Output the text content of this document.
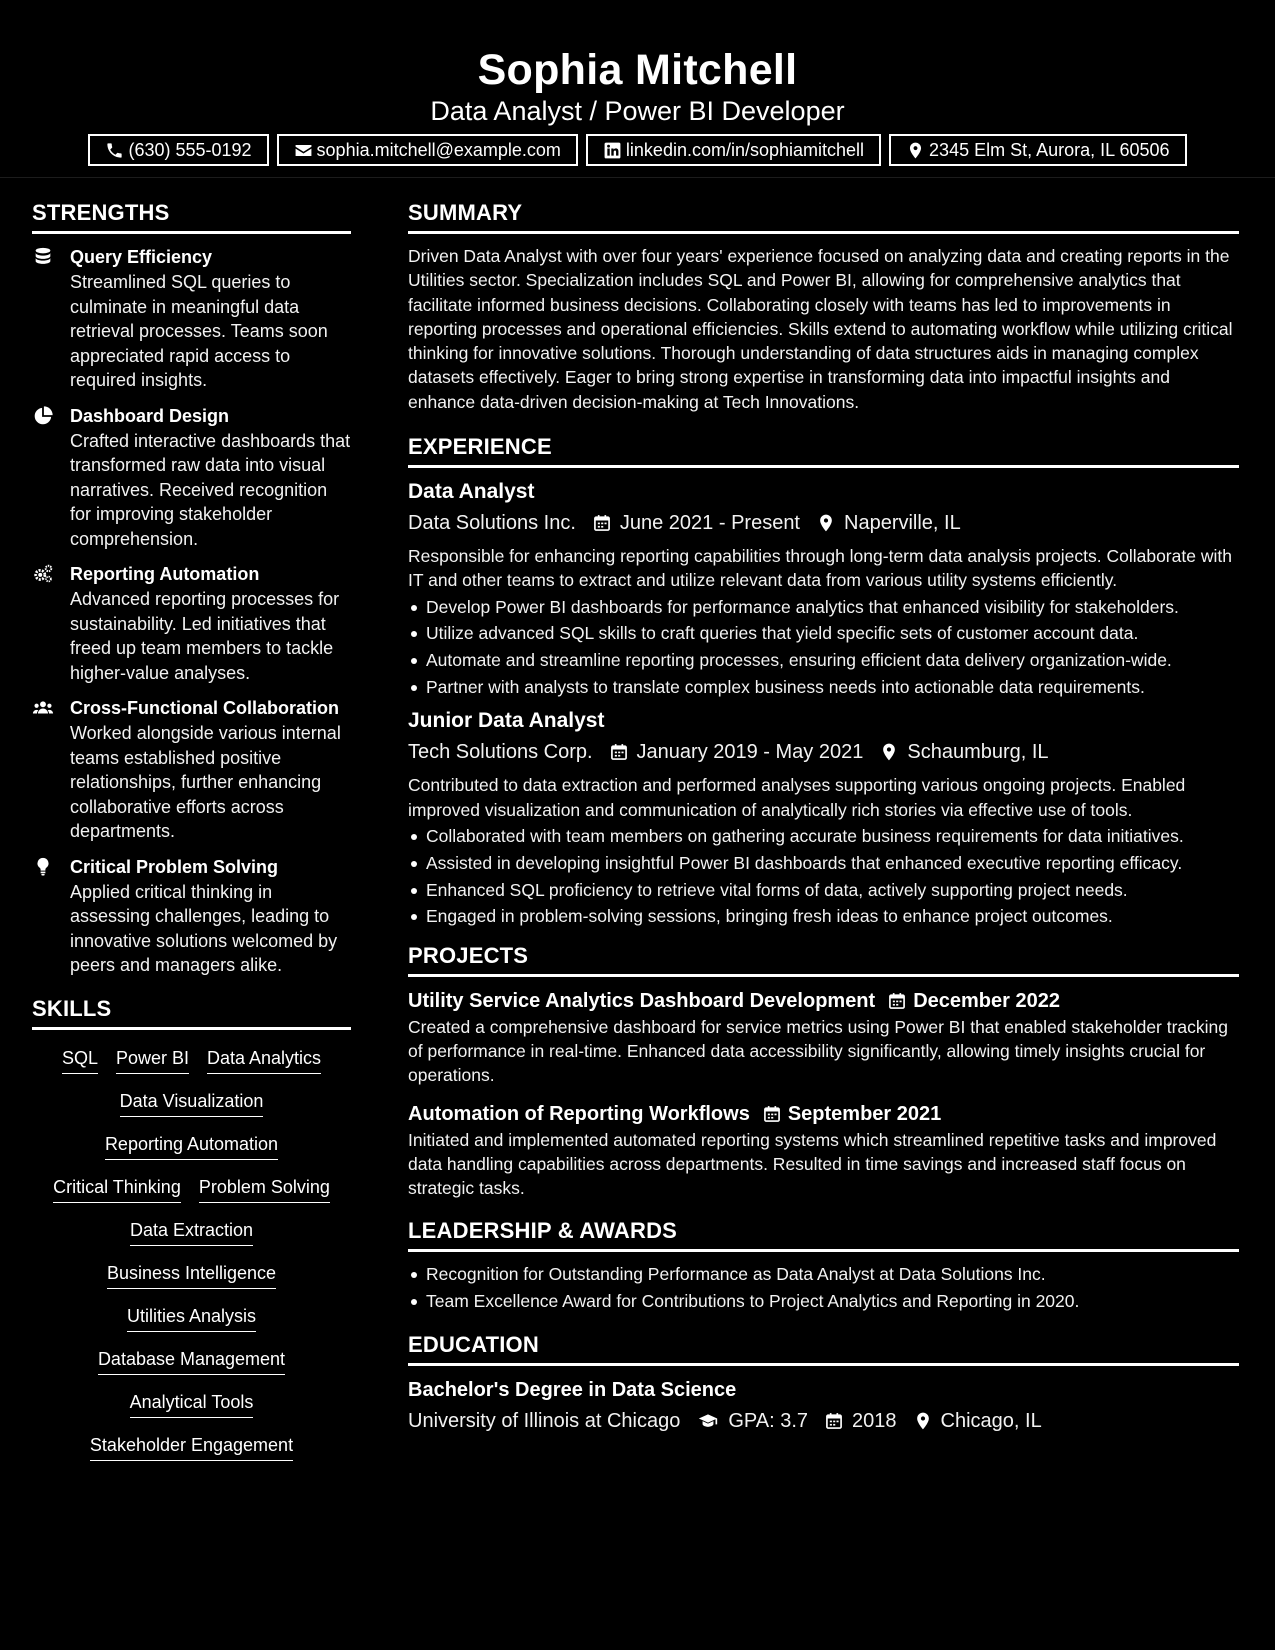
Sophia Mitchell
Data Analyst / Power BI Developer
(630) 555-0192	sophia.mitchell@example.com	linkedin.com/in/sophiamitchell	2345 Elm St, Aurora, IL 60506
STRENGTHS
Query Efficiency
Streamlined SQL queries to culminate in meaningful data retrieval processes. Teams soon appreciated rapid access to required insights.
Dashboard Design
Crafted interactive dashboards that transformed raw data into visual narratives. Received recognition for improving stakeholder comprehension.
Reporting Automation
Advanced reporting processes for sustainability. Led initiatives that freed up team members to tackle higher-value analyses.
Cross-Functional Collaboration
Worked alongside various internal teams established positive relationships, further enhancing collaborative efforts across departments.
Critical Problem Solving
Applied critical thinking in assessing challenges, leading to innovative solutions welcomed by peers and managers alike.
SKILLS
SQL Power BI Data Analytics
Data Visualization
Reporting Automation
Critical Thinking Problem Solving
Data Extraction
Business Intelligence
Utilities Analysis
Database Management
Analytical Tools
Stakeholder Engagement
SUMMARY
Driven Data Analyst with over four years' experience focused on analyzing data and creating reports in the Utilities sector. Specialization includes SQL and Power BI, allowing for comprehensive analytics that facilitate informed business decisions. Collaborating closely with teams has led to improvements in reporting processes and operational efficiencies. Skills extend to automating workflow while utilizing critical thinking for innovative solutions. Thorough understanding of data structures aids in managing complex datasets effectively. Eager to bring strong expertise in transforming data into impactful insights and enhance data-driven decision-making at Tech Innovations.
EXPERIENCE
Data Analyst
Data Solutions Inc. June 2021 - Present Naperville, IL
Responsible for enhancing reporting capabilities through long-term data analysis projects. Collaborate with IT and other teams to extract and utilize relevant data from various utility systems efficiently.
Develop Power BI dashboards for performance analytics that enhanced visibility for stakeholders.
Utilize advanced SQL skills to craft queries that yield specific sets of customer account data.
Automate and streamline reporting processes, ensuring efficient data delivery organization-wide.
Partner with analysts to translate complex business needs into actionable data requirements.
Junior Data Analyst
Tech Solutions Corp. January 2019 - May 2021 Schaumburg, IL
Contributed to data extraction and performed analyses supporting various ongoing projects. Enabled improved visualization and communication of analytically rich stories via effective use of tools.
Collaborated with team members on gathering accurate business requirements for data initiatives.
Assisted in developing insightful Power BI dashboards that enhanced executive reporting efficacy.
Enhanced SQL proficiency to retrieve vital forms of data, actively supporting project needs.
Engaged in problem-solving sessions, bringing fresh ideas to enhance project outcomes.
PROJECTS
Utility Service Analytics Dashboard Development December 2022
Created a comprehensive dashboard for service metrics using Power BI that enabled stakeholder tracking of performance in real-time. Enhanced data accessibility significantly, allowing timely insights crucial for operations.
Automation of Reporting Workflows September 2021
Initiated and implemented automated reporting systems which streamlined repetitive tasks and improved data handling capabilities across departments. Resulted in time savings and increased staff focus on strategic tasks.
LEADERSHIP & AWARDS
Recognition for Outstanding Performance as Data Analyst at Data Solutions Inc.
Team Excellence Award for Contributions to Project Analytics and Reporting in 2020.
EDUCATION
Bachelor's Degree in Data Science
University of Illinois at Chicago GPA: 3.7 2018 Chicago, IL
